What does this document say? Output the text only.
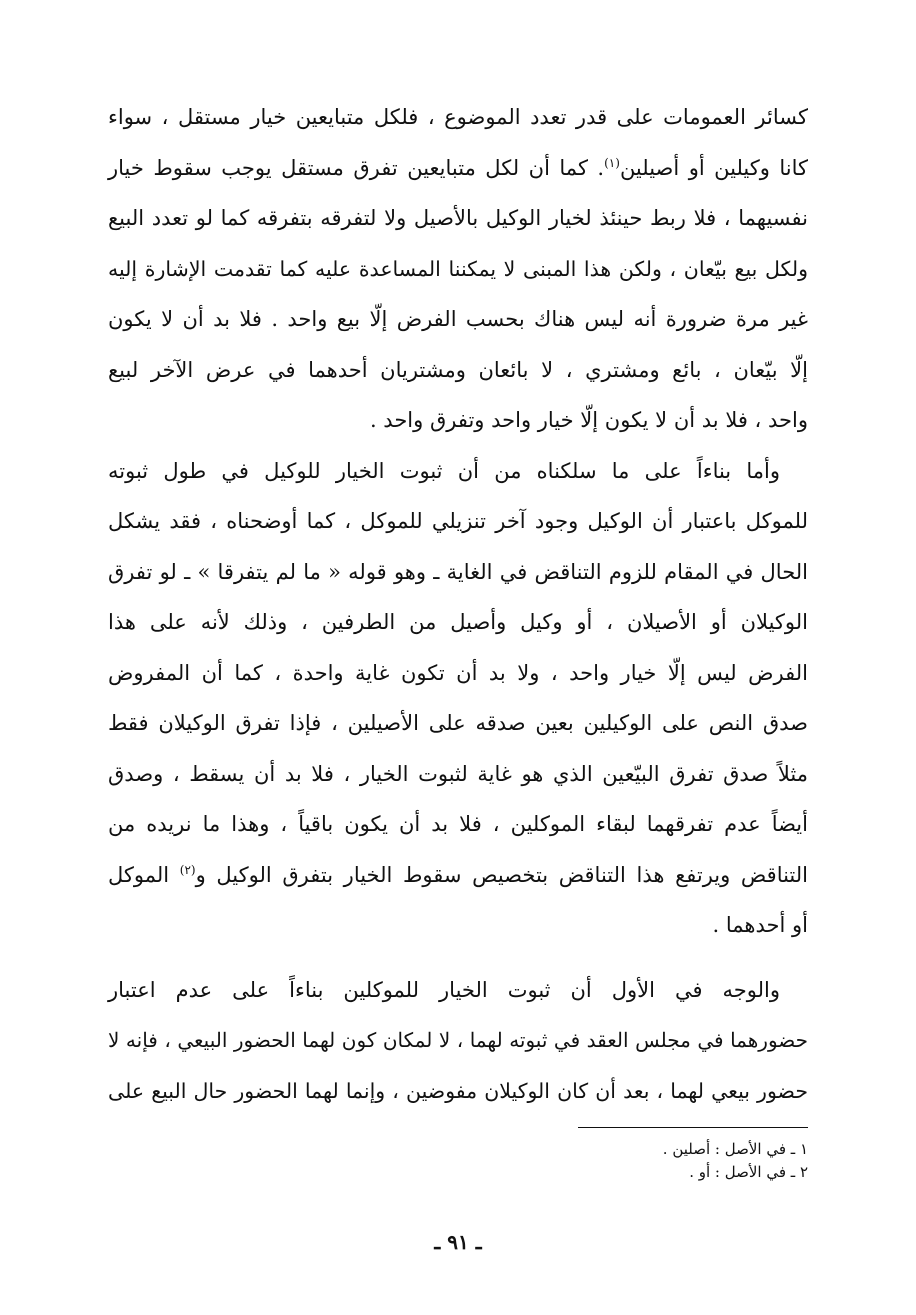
كسائر العمومات على قدر تعدد الموضوع ، فلكل متبايعين خيار مستقل ، سواء
كانا وكيلين أو أصيلين$^{(١)}$. كما أن لكل متبايعين تفرق مستقل يوجب سقوط خيار
نفسيهما ، فلا ربط حينئذ لخيار الوكيل بالأصيل ولا لتفرقه بتفرقه كما لو تعدد البيع
ولكل بيع بيّعان ، ولكن هذا المبنى لا يمكننا المساعدة عليه كما تقدمت الإشارة إليه
غير مرة ضرورة أنه ليس هناك بحسب الفرض إلّا بيع واحد . فلا بد أن لا يكون
إلّا بيّعان ، بائع ومشتري ، لا بائعان ومشتريان أحدهما في عرض الآخر لبيع
واحد ، فلا بد أن لا يكون إلّا خيار واحد وتفرق واحد .
وأما بناءاً على ما سلكناه من أن ثبوت الخيار للوكيل في طول ثبوته
للموكل باعتبار أن الوكيل وجود آخر تنزيلي للموكل ، كما أوضحناه ، فقد يشكل
الحال في المقام للزوم التناقض في الغاية ـ وهو قوله « ما لم يتفرقا » ـ لو تفرق
الوكيلان أو الأصيلان ، أو وكيل وأصيل من الطرفين ، وذلك لأنه على هذا
الفرض ليس إلّا خيار واحد ، ولا بد أن تكون غاية واحدة ، كما أن المفروض
صدق النص على الوكيلين بعين صدقه على الأصيلين ، فإذا تفرق الوكيلان فقط
مثلاً صدق تفرق البيّعين الذي هو غاية لثبوت الخيار ، فلا بد أن يسقط ، وصدق
أيضاً عدم تفرقهما لبقاء الموكلين ، فلا بد أن يكون باقياً ، وهذا ما نريده من
التناقض ويرتفع هذا التناقض بتخصيص سقوط الخيار بتفرق الوكيل و$^{(٢)}$ الموكل
أو أحدهما .
والوجه في الأول أن ثبوت الخيار للموكلين بناءاً على عدم اعتبار
حضورهما في مجلس العقد في ثبوته لهما ، لا لمكان كون لهما الحضور البيعي ، فإنه لا
حضور بيعي لهما ، بعد أن كان الوكيلان مفوضين ، وإنما لهما الحضور حال البيع على
١ ـ في الأصل : أصلين .
٢ ـ في الأصل : أو .
ـ ٩١ ـ
